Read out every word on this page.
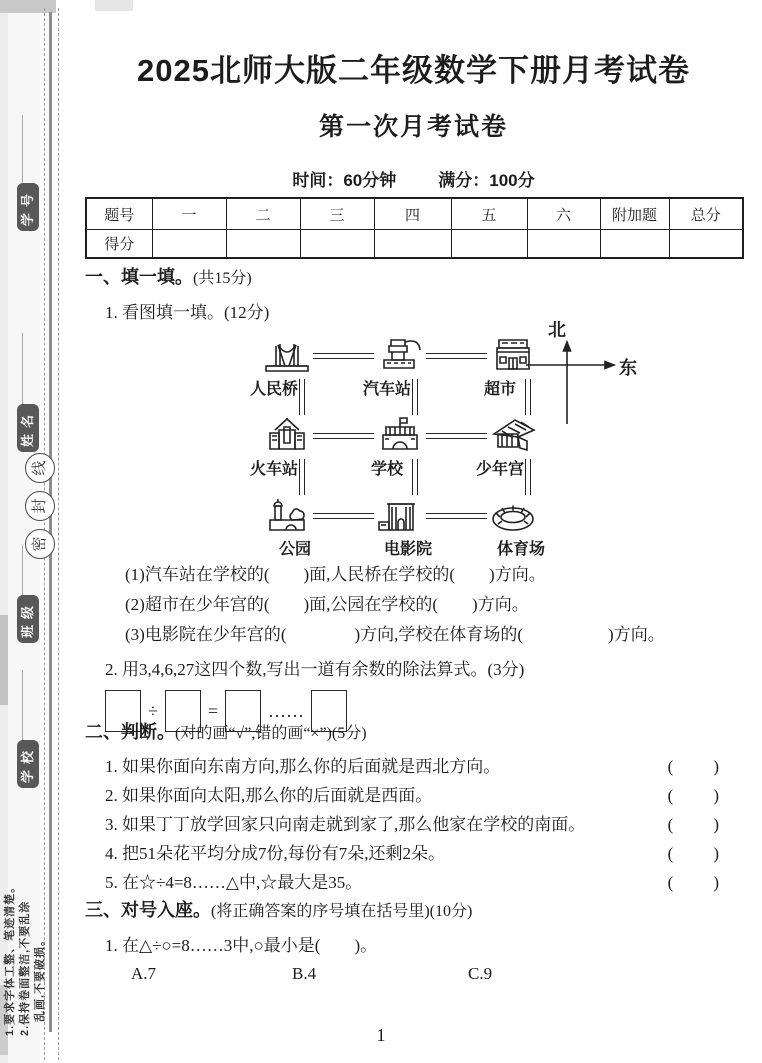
学号
姓名
班级
学校
线
封
密
1.要求字体工整、笔迹清楚。 2.保持卷面整洁,不要乱涂 乱画,不要破损。
2025北师大版二年级数学下册月考试卷
第一次月考试卷
时间：60分钟 满分：100分
题号	一	二	三	四	五	六	附加题	总分
得分								
一、填一填。(共15分)
1. 看图填一填。(12分)
人民桥	汽车站	超市
火车站	学校	少年宫
公园	电影院	体育场
北
东
(1)汽车站在学校的(　　)面,人民桥在学校的(　　)方向。
(2)超市在少年宫的(　　)面,公园在学校的(　　)方向。
(3)电影院在少年宫的(　　　　)方向,学校在体育场的(　　　　　)方向。
2. 用3,4,6,27这四个数,写出一道有余数的除法算式。(3分)
÷	=	……
二、判断。(对的画“√”,错的画“×”)(5分)
1. 如果你面向东南方向,那么你的后面就是西北方向。	(　　)
2. 如果你面向太阳,那么你的后面就是西面。	(　　)
3. 如果丁丁放学回家只向南走就到家了,那么他家在学校的南面。	(　　)
4. 把51朵花平均分成7份,每份有7朵,还剩2朵。	(　　)
5. 在☆÷4=8……△中,☆最大是35。	(　　)
三、对号入座。(将正确答案的序号填在括号里)(10分)
1. 在△÷○=8……3中,○最小是(　　)。
A.7	B.4	C.9
1
